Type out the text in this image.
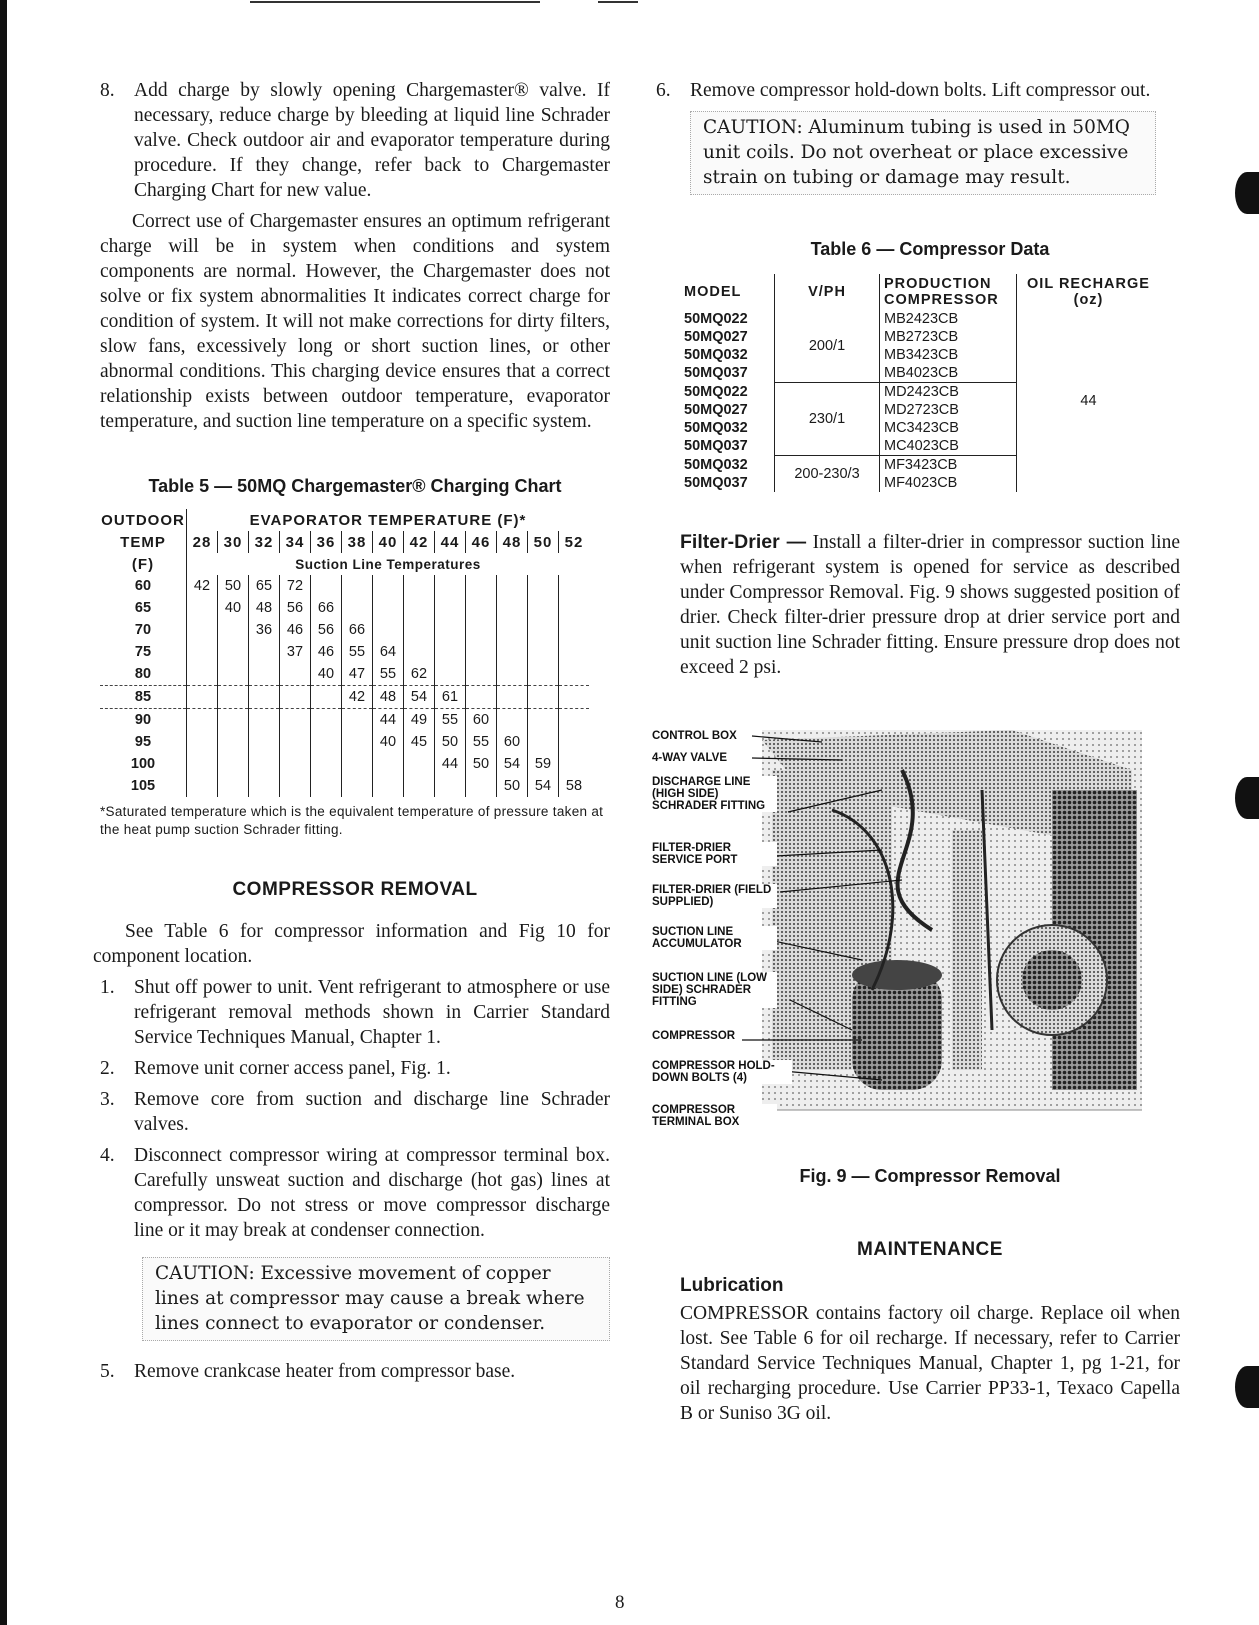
8. Add charge by slowly opening Chargemaster® valve. If necessary, reduce charge by bleeding at liquid line Schrader valve. Check outdoor air and evaporator temperature during procedure. If they change, refer back to Chargemaster Charging Chart for new value.

Correct use of Chargemaster ensures an optimum refrigerant charge will be in system when conditions and system components are normal. However, the Chargemaster does not solve or fix system abnormalities It indicates correct charge for condition of system. It will not make corrections for dirty filters, slow fans, excessively long or short suction lines, or other abnormal conditions. This charging device ensures that a correct relationship exists between outdoor temperature, evaporator temperature, and suction line temperature on a specific system.

Table 5 — 50MQ Chargemaster® Charging Chart
OUTDOOR	EVAPORATOR TEMPERATURE (F)*												
TEMP	28	30	32	34	36	38	40	42	44	46	48	50	52
(F)	Suction Line Temperatures												
60	42	50	65	72									
65		40	48	56	66								
70			36	46	56	66							
75				37	46	55	64						
80					40	47	55	62					
85						42	48	54	61				
90							44	49	55	60			
95							40	45	50	55	60		
100									44	50	54	59	
105											50	54	58
*Saturated temperature which is the equivalent temperature of pressure taken at the heat pump suction Schrader fitting.
COMPRESSOR REMOVAL

See Table 6 for compressor information and Fig 10 for component location.

1. Shut off power to unit. Vent refrigerant to atmosphere or use refrigerant removal methods shown in Carrier Standard Service Techniques Manual, Chapter 1.
2. Remove unit corner access panel, Fig. 1.
3. Remove core from suction and discharge line Schrader valves.
4. Disconnect compressor wiring at compressor terminal box. Carefully unsweat suction and discharge (hot gas) lines at compressor. Do not stress or move compressor discharge line or it may break at condenser connection.
CAUTION: Excessive movement of copper lines at compressor may cause a break where lines connect to evaporator or condenser.
5. Remove crankcase heater from compressor base.
6. Remove compressor hold-down bolts. Lift compressor out.
CAUTION: Aluminum tubing is used in 50MQ unit coils. Do not overheat or place excessive strain on tubing or damage may result.
Table 6 — Compressor Data
MODEL	V/PH	PRODUCTION COMPRESSOR	OIL RECHARGE (oz)
50MQ022	200/1	MB2423CB	44
50MQ027		MB2723CB	
50MQ032		MB3423CB	
50MQ037		MB4023CB	
50MQ022	230/1	MD2423CB	
50MQ027		MD2723CB	
50MQ032		MC3423CB	
50MQ037		MC4023CB	
50MQ032	200-230/3	MF3423CB	
50MQ037		MF4023CB	

Filter-Drier — Install a filter-drier in compressor suction line when refrigerant system is opened for service as described under Compressor Removal. Fig. 9 shows suggested position of drier. Check filter-drier pressure drop at drier service port and unit suction line Schrader fitting. Ensure pressure drop does not exceed 2 psi.

CONTROL BOX
4-WAY VALVE
DISCHARGE LINE (HIGH SIDE) SCHRADER FITTING
FILTER-DRIER SERVICE PORT
FILTER-DRIER (FIELD SUPPLIED)
SUCTION LINE ACCUMULATOR
SUCTION LINE (LOW SIDE) SCHRADER FITTING
COMPRESSOR
COMPRESSOR HOLD-DOWN BOLTS (4)
COMPRESSOR TERMINAL BOX
Fig. 9 — Compressor Removal
MAINTENANCE
Lubrication

COMPRESSOR contains factory oil charge. Replace oil when lost. See Table 6 for oil recharge. If necessary, refer to Carrier Standard Service Techniques Manual, Chapter 1, pg 1-21, for oil recharging procedure. Use Carrier PP33-1, Texaco Capella B or Suniso 3G oil.

8
